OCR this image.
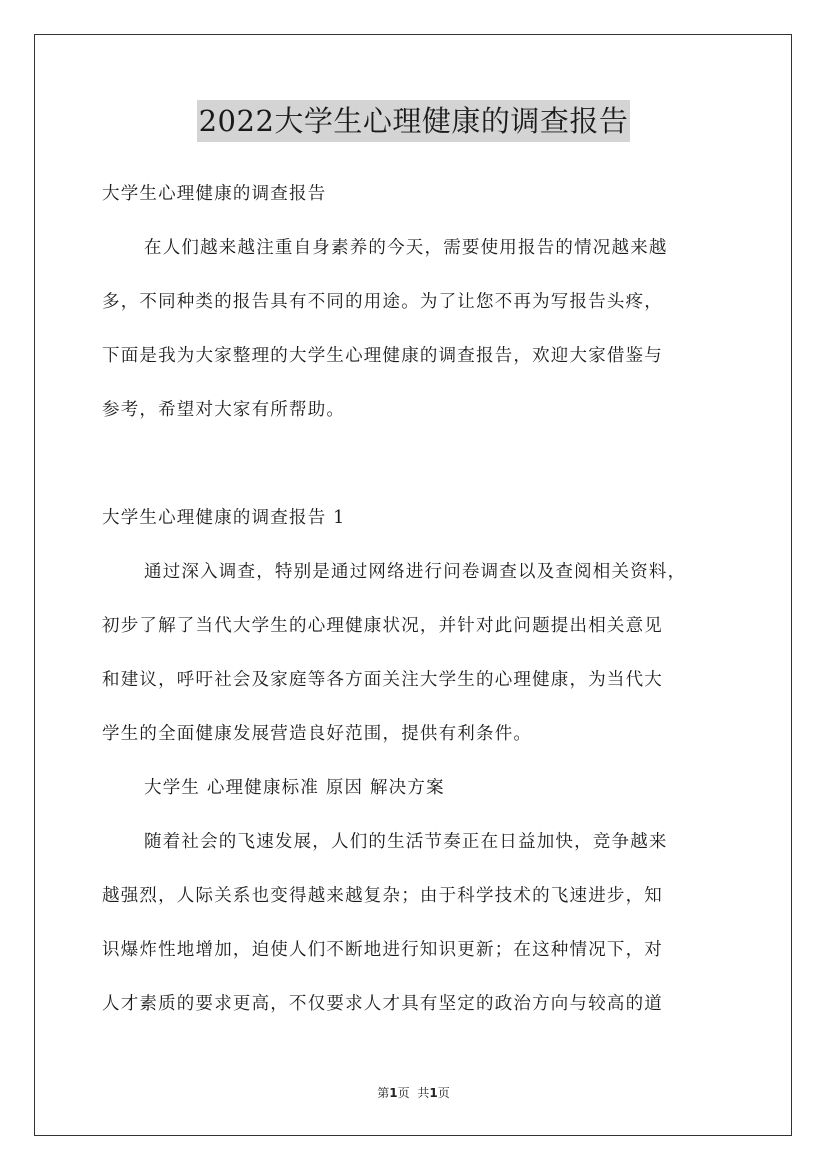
2022大学生心理健康的调查报告
大学生心理健康的调查报告
在人们越来越注重自身素养的今天，需要使用报告的情况越来越
多，不同种类的报告具有不同的用途。为了让您不再为写报告头疼，
下面是我为大家整理的大学生心理健康的调查报告，欢迎大家借鉴与
参考，希望对大家有所帮助。
大学生心理健康的调查报告 1
通过深入调查，特别是通过网络进行问卷调查以及查阅相关资料，
初步了解了当代大学生的心理健康状况，并针对此问题提出相关意见
和建议，呼吁社会及家庭等各方面关注大学生的心理健康，为当代大
学生的全面健康发展营造良好范围，提供有利条件。
大学生 心理健康标准 原因 解决方案
随着社会的飞速发展，人们的生活节奏正在日益加快，竞争越来
越强烈，人际关系也变得越来越复杂；由于科学技术的飞速进步，知
识爆炸性地增加，迫使人们不断地进行知识更新；在这种情况下，对
人才素质的要求更高，不仅要求人才具有坚定的政治方向与较高的道
第1页 共1页
